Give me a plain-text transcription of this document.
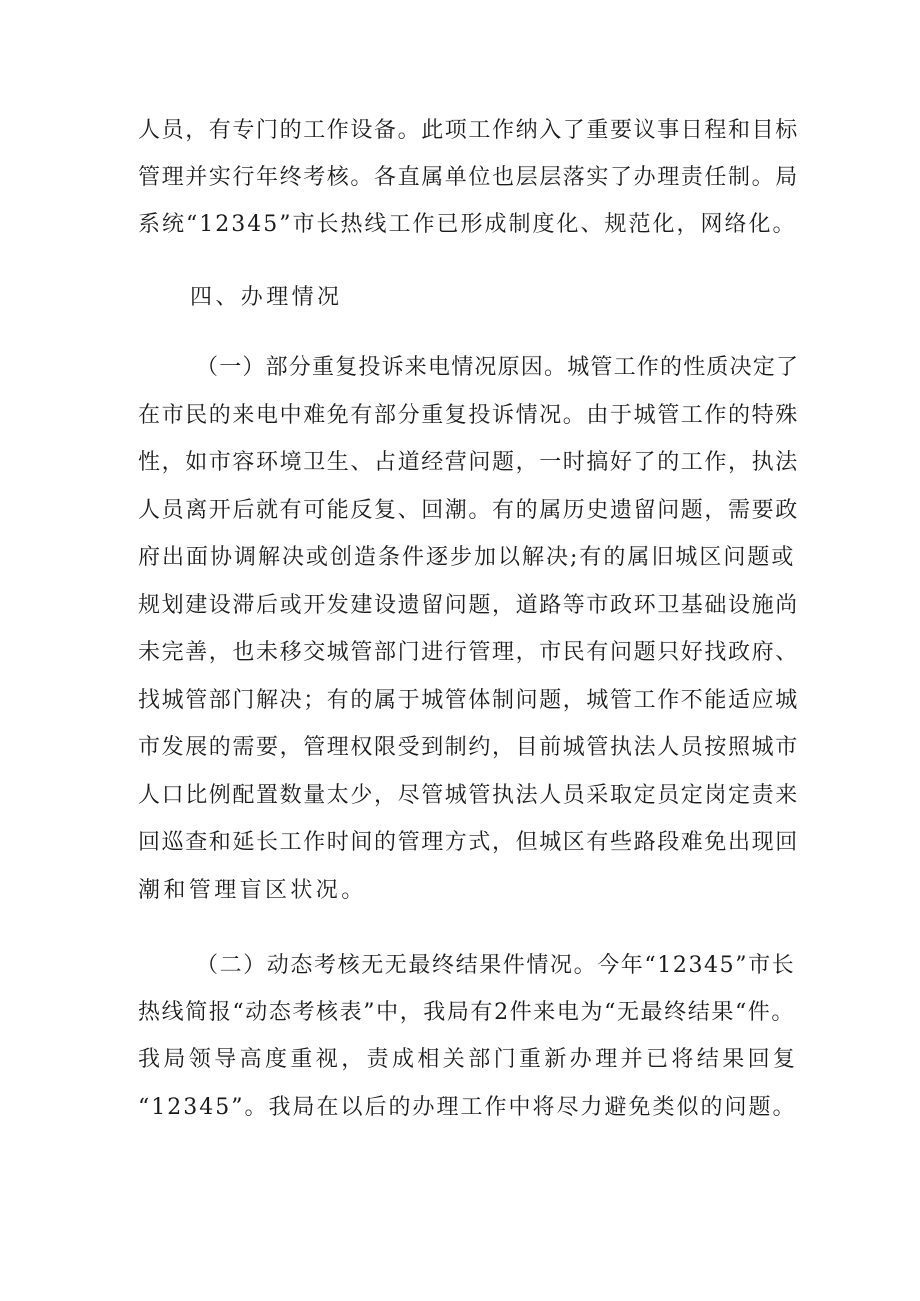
人员，有专门的工作设备。此项工作纳入了重要议事日程和目标
管理并实行年终考核。各直属单位也层层落实了办理责任制。局
系统“12345”市长热线工作已形成制度化、规范化，网络化。
四、办理情况
（一）部分重复投诉来电情况原因。城管工作的性质决定了
在市民的来电中难免有部分重复投诉情况。由于城管工作的特殊
性，如市容环境卫生、占道经营问题，一时搞好了的工作，执法
人员离开后就有可能反复、回潮。有的属历史遗留问题，需要政
府出面协调解决或创造条件逐步加以解决;有的属旧城区问题或
规划建设滞后或开发建设遗留问题，道路等市政环卫基础设施尚
未完善，也未移交城管部门进行管理，市民有问题只好找政府、
找城管部门解决；有的属于城管体制问题，城管工作不能适应城
市发展的需要，管理权限受到制约，目前城管执法人员按照城市
人口比例配置数量太少，尽管城管执法人员采取定员定岗定责来
回巡查和延长工作时间的管理方式，但城区有些路段难免出现回
潮和管理盲区状况。
（二）动态考核无无最终结果件情况。今年“12345”市长
热线简报“动态考核表”中，我局有2件来电为“无最终结果“件。
我局领导高度重视，责成相关部门重新办理并已将结果回复
“12345”。我局在以后的办理工作中将尽力避免类似的问题。
